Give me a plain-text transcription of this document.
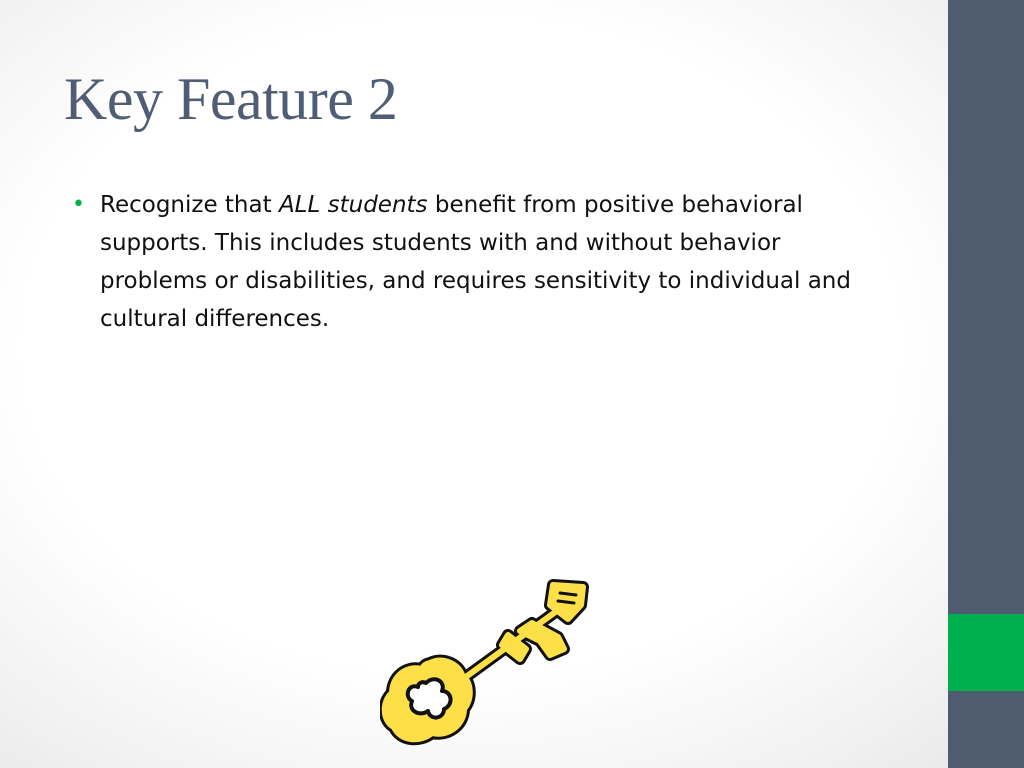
Key Feature 2
• Recognize that ALL students benefit from positive behavioral supports. This includes students with and without behavior problems or disabilities, and requires sensitivity to individual and cultural differences.
